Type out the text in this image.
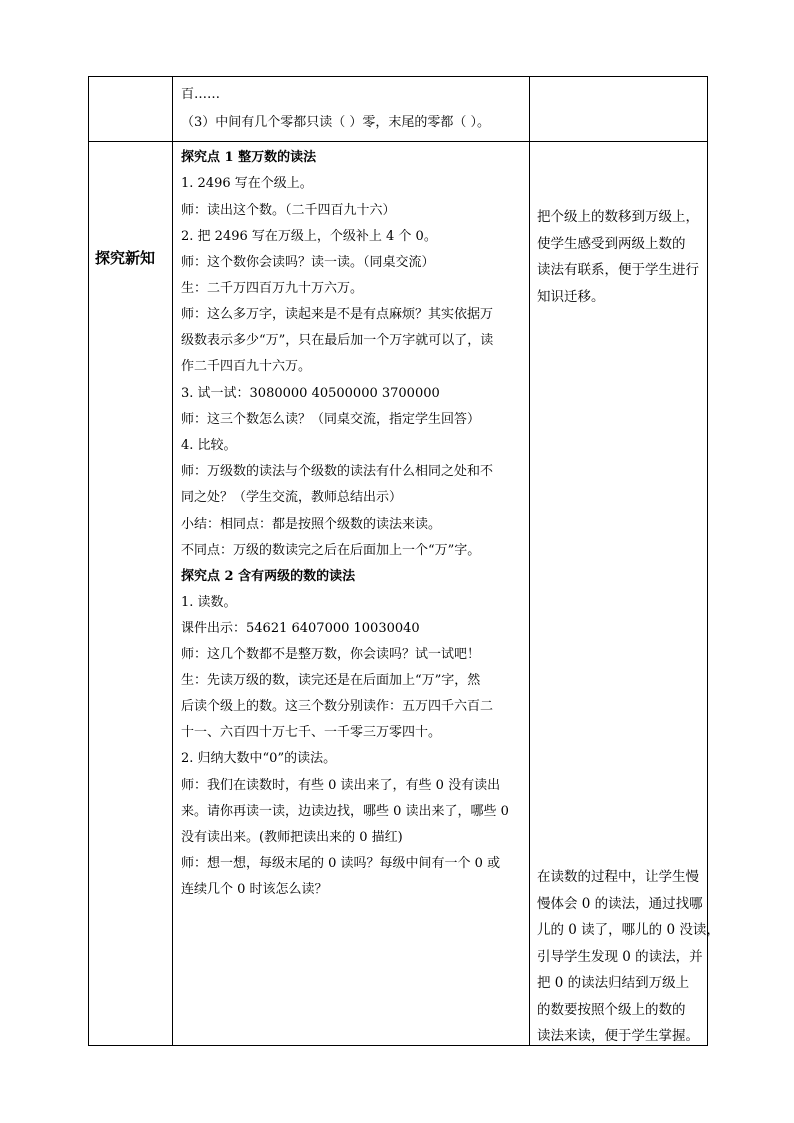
百……
（3）中间有几个零都只读（ ）零，末尾的零都（ ）。
探究新知
探究点 1 整万数的读法
1. 2496 写在个级上。
师：读出这个数。（二千四百九十六）
2. 把 2496 写在万级上，个级补上 4 个 0。
师：这个数你会读吗？读一读。（同桌交流）
生：二千万四百万九十万六万。
师：这么多万字，读起来是不是有点麻烦？其实依据万
级数表示多少“万”，只在最后加一个万字就可以了，读
作二千四百九十六万。
3. 试一试：3080000 40500000 3700000
师：这三个数怎么读？（同桌交流，指定学生回答）
4. 比较。
师：万级数的读法与个级数的读法有什么相同之处和不
同之处？（学生交流，教师总结出示）
小结：相同点：都是按照个级数的读法来读。
不同点：万级的数读完之后在后面加上一个“万”字。
探究点 2 含有两级的数的读法
1. 读数。
课件出示：54621 6407000 10030040
师：这几个数都不是整万数，你会读吗？试一试吧！
生：先读万级的数，读完还是在后面加上“万”字，然
后读个级上的数。这三个数分别读作：五万四千六百二
十一、六百四十万七千、一千零三万零四十。
2. 归纳大数中“0”的读法。
师：我们在读数时，有些 0 读出来了，有些 0 没有读出
来。请你再读一读，边读边找，哪些 0 读出来了，哪些 0
没有读出来。(教师把读出来的 0 描红)
师：想一想，每级末尾的 0 读吗？每级中间有一个 0 或
连续几个 0 时该怎么读？
把个级上的数移到万级上，
使学生感受到两级上数的
读法有联系，便于学生进行
知识迁移。
在读数的过程中，让学生慢
慢体会 0 的读法，通过找哪
儿的 0 读了，哪儿的 0 没读，
引导学生发现 0 的读法，并
把 0 的读法归结到万级上
的数要按照个级上的数的
读法来读，便于学生掌握。
